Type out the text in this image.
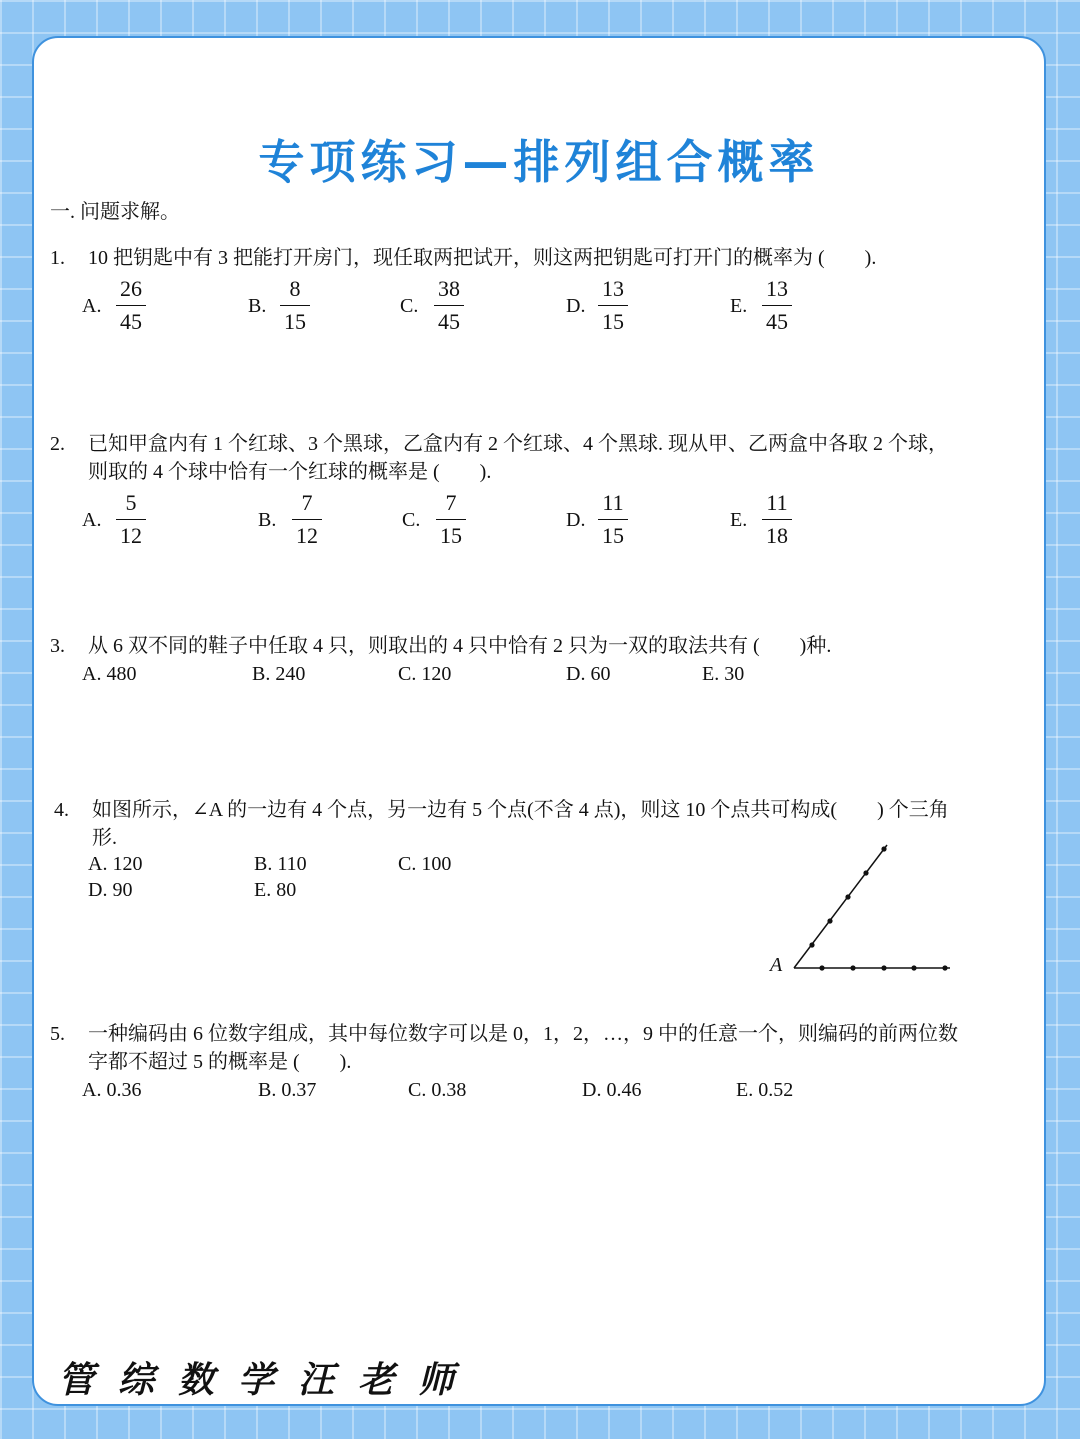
专项练习—排列组合概率
一. 问题求解。
1. 10 把钥匙中有 3 把能打开房门，现任取两把试开，则这两把钥匙可打开门的概率为 (　　).
A. $\frac{26}{45}$	B. $\frac{8}{15}$	C. $\frac{38}{45}$	D. $\frac{13}{15}$	E. $\frac{13}{45}$
2. 已知甲盒内有 1 个红球、3 个黑球，乙盒内有 2 个红球、4 个黑球. 现从甲、乙两盒中各取 2 个球，
则取的 4 个球中恰有一个红球的概率是 (　　).
A. $\frac{5}{12}$	B. $\frac{7}{12}$	C. $\frac{7}{15}$	D. $\frac{11}{15}$	E. $\frac{11}{18}$
3. 从 6 双不同的鞋子中任取 4 只，则取出的 4 只中恰有 2 只为一双的取法共有 (　　)种.
A. 480	B. 240	C. 120	D. 60	E. 30
4. 如图所示，∠A 的一边有 4 个点，另一边有 5 个点(不含 4 点)，则这 10 个点共可构成(　　) 个三角
形.
A. 120	B. 110	C. 100
D. 90	E. 80
A
5. 一种编码由 6 位数字组成，其中每位数字可以是 0，1，2，…，9 中的任意一个，则编码的前两位数
字都不超过 5 的概率是 (　　).
A. 0.36	B. 0.37	C. 0.38	D. 0.46	E. 0.52
管综数学汪老师
